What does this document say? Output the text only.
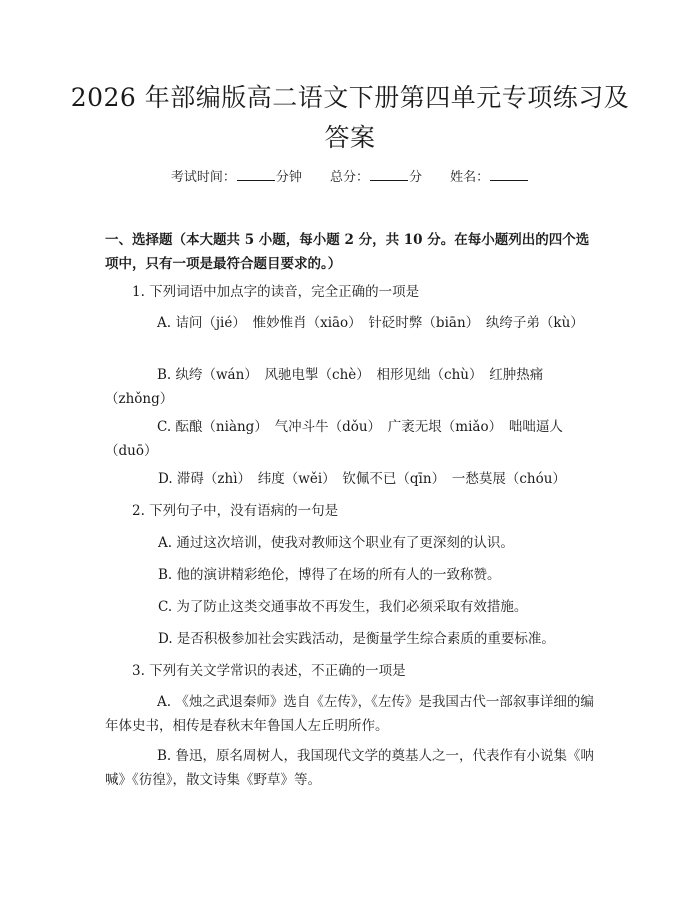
2026 年部编版高二语文下册第四单元专项练习及答案
考试时间：	分钟 总分：	分 姓名：
一、选择题（本大题共 5 小题，每小题 2 分，共 10 分。在每小题列出的四个选项中，只有一项是最符合题目要求的。）
1. 下列词语中加点字的读音，完全正确的一项是
A. 诘问（jié）　惟妙惟肖（xiāo）　针砭时弊（biān）　纨绔子弟（kù）
B. 纨绔（wán）　风驰电掣（chè）　相形见绌（chù）　红肿热痛（zhǒng）
C. 酝酿（niàng）　气冲斗牛（dǒu）　广袤无垠（miǎo）　咄咄逼人（duō）
D. 滞碍（zhì）　纬度（wěi）　钦佩不已（qīn）　一愁莫展（chóu）
2. 下列句子中，没有语病的一句是
A. 通过这次培训，使我对教师这个职业有了更深刻的认识。
B. 他的演讲精彩绝伦，博得了在场的所有人的一致称赞。
C. 为了防止这类交通事故不再发生，我们必须采取有效措施。
D. 是否积极参加社会实践活动，是衡量学生综合素质的重要标准。
3. 下列有关文学常识的表述，不正确的一项是
A. 《烛之武退秦师》选自《左传》，《左传》是我国古代一部叙事详细的编年体史书，相传是春秋末年鲁国人左丘明所作。
B. 鲁迅，原名周树人，我国现代文学的奠基人之一，代表作有小说集《呐喊》《彷徨》，散文诗集《野草》等。
